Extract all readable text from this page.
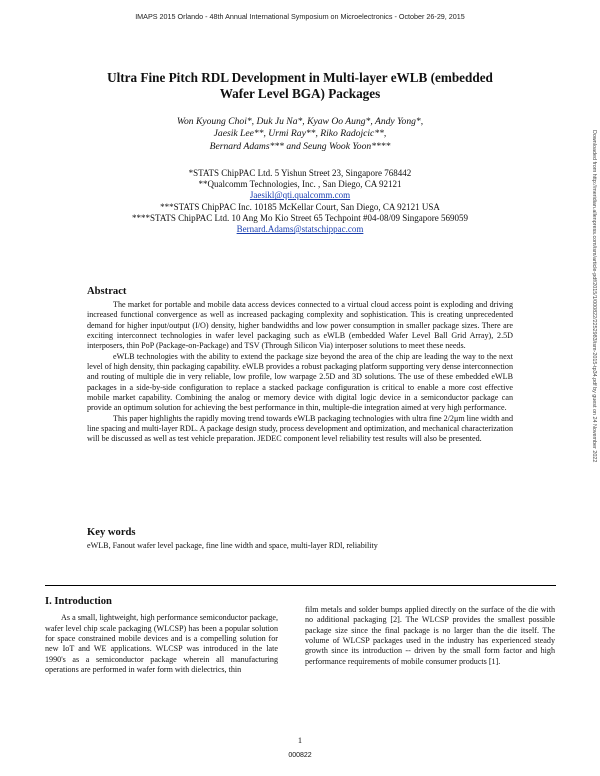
IMAPS 2015 Orlando - 48th Annual International Symposium on Microelectronics - October 26-29, 2015
Ultra Fine Pitch RDL Development in Multi-layer eWLB (embedded
Wafer Level BGA) Packages
Won Kyoung Choi*, Duk Ju Na*, Kyaw Oo Aung*, Andy Yong*,
Jaesik Lee**, Urmi Ray**, Riko Radojcic**,
Bernard Adams*** and Seung Wook Yoon****
*STATS ChipPAC Ltd. 5 Yishun Street 23, Singapore 768442
**Qualcomm Technologies, Inc. , San Diego, CA 92121
Jaesikl@qti.qualcomm.com
***STATS ChipPAC Inc. 10185 McKellar Court, San Diego, CA 92121 USA
****STATS ChipPAC Ltd. 10 Ang Mo Kio Street 65 Techpoint #04-08/09 Singapore 569059
Bernard.Adams@statschippac.com	Downloaded from http://meridian.allenpress.com/ism/article-pdf/2015/1/000822/2252983/ism-2015-tp34.pdf by guest on 24 November 2022
Abstract

The market for portable and mobile data access devices connected to a virtual cloud access point is exploding and driving increased functional convergence as well as increased packaging complexity and sophistication. This is creating unprecedented demand for higher input/output (I/O) density, higher bandwidths and low power consumption in smaller package sizes. There are exciting interconnect technologies in wafer level packaging such as eWLB (embedded Wafer Level Ball Grid Array), 2.5D interposers, thin PoP (Package-on-Package) and TSV (Through Silicon Via) interposer solutions to meet these needs.

eWLB technologies with the ability to extend the package size beyond the area of the chip are leading the way to the next level of high density, thin packaging capability. eWLB provides a robust packaging platform supporting very dense interconnection and routing of multiple die in very reliable, low profile, low warpage 2.5D and 3D solutions. The use of these embedded eWLB packages in a side-by-side configuration to replace a stacked package configuration is critical to enable a more cost effective mobile market capability. Combining the analog or memory device with digital logic device in a semiconductor package can provide an optimum solution for achieving the best performance in thin, multiple-die integration aimed at very high performance.

This paper highlights the rapidly moving trend towards eWLB packaging technologies with ultra fine 2/2μm line width and line spacing and multi-layer RDL. A package design study, process development and optimization, and mechanical characterization will be discussed as well as test vehicle preparation. JEDEC component level reliability test results will also be presented.

Key words
eWLB, Fanout wafer level package, fine line width and space, multi-layer RDl, reliability
I. Introduction

As a small, lightweight, high performance semiconductor package, wafer level chip scale packaging (WLCSP) has been a popular solution for space constrained mobile devices and is a compelling solution for new IoT and WE applications. WLCSP was introduced in the late 1990's as a semiconductor package wherein all manufacturing operations are performed in wafer form with dielectrics, thin

film metals and solder bumps applied directly on the surface of the die with no additional packaging [2]. The WLCSP provides the smallest possible package size since the final package is no larger than the die itself. The volume of WLCSP packages used in the industry has experienced steady growth since its introduction -- driven by the small form factor and high performance requirements of mobile consumer products [1].

1
000822
